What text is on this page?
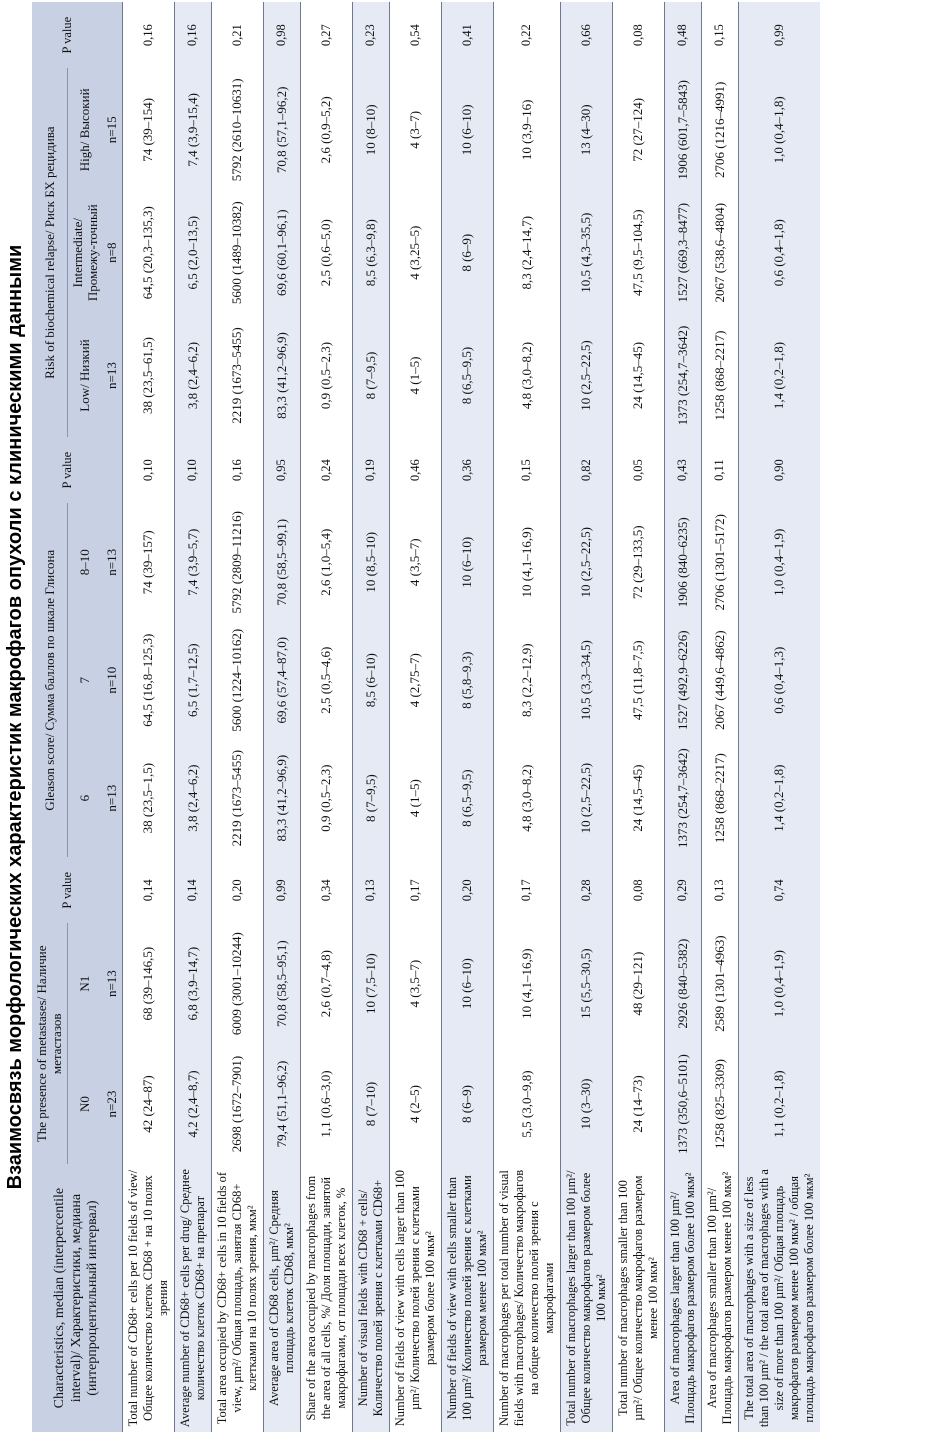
Взаимосвязь морфологических характеристик макрофагов опухоли с клиническими данными
Characteristics, median (interpercentile interval)/ Характеристики, медиана (интерпроцентильный интервал)	The presence of metastases/ Наличие метастазов		P value	Gleason score/ Сумма баллов по шкале Глисона			P value	Risk of biochemical relapse/ Риск БХ рецидива			P value
	N0	N1		6	7	8–10		Low/ Низкий	Intermediate/ Промежу-точный	High/ Высокий	
	n=23	n=13		n=13	n=10	n=13		n=13	n=8	n=15	
Total number of CD68+ cells per 10 fields of view/ Общее количество клеток CD68 + на 10 полях зрения	42 (24–87)	68 (39–146,5)	0,14	38 (23,5–1,5)	64,5 (16,8–125,3)	74 (39–157)	0,10	38 (23,5–61,5)	64,5 (20,3–135,3)	74 (39–154)	0,16
Average number of CD68+ cells per drug/ Среднее количество клеток CD68+ на препарат	4,2 (2,4–8,7)	6,8 (3,9–14,7)	0,14	3,8 (2,4–6,2)	6,5 (1,7–12,5)	7,4 (3,9–5,7)	0,10	3,8 (2,4–6,2)	6,5 (2,0–13,5)	7,4 (3,9–15,4)	0,16
Total area occupied by CD68+ cells in 10 fields of view, µm²/ Общая площадь, занятая CD68+ клетками на 10 полях зрения, мкм²	2698 (1672–7901)	6009 (3001–10244)	0,20	2219 (1673–5455)	5600 (1224–10162)	5792 (2809–11216)	0,16	2219 (1673–5455)	5600 (1489–10382)	5792 (2610–10631)	0,21
Average area of CD68 cells, µm²/ Средняя площадь клеток CD68, мкм²	79,4 (51,1–96,2)	70,8 (58,5–95,1)	0,99	83,3 (41,2–96,9)	69,6 (57,4–87,0)	70,8 (58,5–99,1)	0,95	83,3 (41,2–96,9)	69,6 (60,1–96,1)	70,8 (57,1–96,2)	0,98
Share of the area occupied by macrophages from the area of all cells, %/ Доля площади, занятой макрофагами, от площади всех клеток, %	1,1 (0,6–3,0)	2,6 (0,7–4,8)	0,34	0,9 (0,5–2,3)	2,5 (0,5–4,6)	2,6 (1,0–5,4)	0,24	0,9 (0,5–2,3)	2,5 (0,6–5,0)	2,6 (0,9–5,2)	0,27
Number of visual fields with CD68 + cells/ Количество полей зрения с клетками CD68+	8 (7–10)	10 (7,5–10)	0,13	8 (7–9,5)	8,5 (6–10)	10 (8,5–10)	0,19	8 (7–9,5)	8,5 (6,3–9,8)	10 (8–10)	0,23
Number of fields of view with cells larger than 100 µm²/ Количество полей зрения с клетками размером более 100 мкм²	4 (2–5)	4 (3,5–7)	0,17	4 (1–5)	4 (2,75–7)	4 (3,5–7)	0,46	4 (1–5)	4 (3,25–5)	4 (3–7)	0,54
Number of fields of view with cells smaller than 100 µm²/ Количество полей зрения с клетками размером менее 100 мкм²	8 (6–9)	10 (6–10)	0,20	8 (6,5–9,5)	8 (5,8–9,3)	10 (6–10)	0,36	8 (6,5–9,5)	8 (6–9)	10 (6–10)	0,41
Number of macrophages per total number of visual fields with macrophages/ Количество макрофагов на общее количество полей зрения с макрофагами	5,5 (3,0–9,8)	10 (4,1–16,9)	0,17	4,8 (3,0–8,2)	8,3 (2,2–12,9)	10 (4,1–16,9)	0,15	4,8 (3,0–8,2)	8,3 (2,4–14,7)	10 (3,9–16)	0,22
Total number of macrophages larger than 100 µm²/ Общее количество макрофагов размером более 100 мкм²	10 (3–30)	15 (5,5–30,5)	0,28	10 (2,5–22,5)	10,5 (3,3–34,5)	10 (2,5–22,5)	0,82	10 (2,5–22,5)	10,5 (4,3–35,5)	13 (4–30)	0,66
Total number of macrophages smaller than 100 µm²/ Общее количество макрофагов размером менее 100 мкм²	24 (14–73)	48 (29–121)	0,08	24 (14,5–45)	47,5 (11,8–7,5)	72 (29–133,5)	0,05	24 (14,5–45)	47,5 (9,5–104,5)	72 (27–124)	0,08
Area of macrophages larger than 100 µm²/ Площадь макрофагов размером более 100 мкм²	1373 (350,6–5101)	2926 (840–5382)	0,29	1373 (254,7–3642)	1527 (492,9–6226)	1906 (840–6235)	0,43	1373 (254,7–3642)	1527 (669,3–8477)	1906 (601,7–5843)	0,48
Area of macrophages smaller than 100 µm²/ Площадь макрофагов размером менее 100 мкм²	1258 (825–3309)	2589 (1301–4963)	0,13	1258 (868–2217)	2067 (449,6–4862)	2706 (1301–5172)	0,11	1258 (868–2217)	2067 (538,6–4804)	2706 (1216–4991)	0,15
The total area of macrophages with a size of less than 100 µm² / the total area of macrophages with a size of more than 100 µm²/ Общая площадь макрофагов размером менее 100 мкм² / общая площадь макрофагов размером более 100 мкм²	1,1 (0,2–1,8)	1,0 (0,4–1,9)	0,74	1,4 (0,2–1,8)	0,6 (0,4–1,3)	1,0 (0,4–1,9)	0,90	1,4 (0,2–1,8)	0,6 (0,4–1,8)	1,0 (0,4–1,8)	0,99
